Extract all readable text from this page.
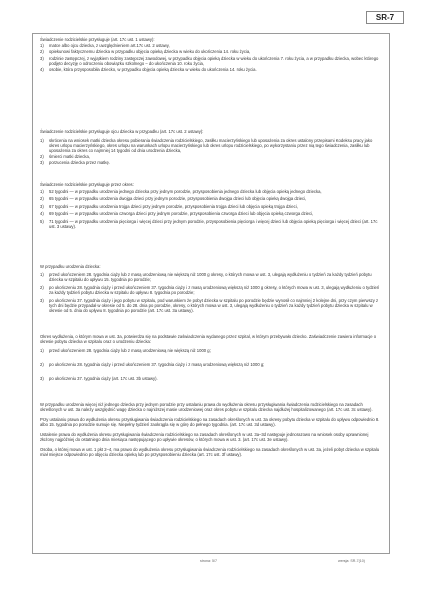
SR-7
Świadczenie rodzicielskie przysługuje (art. 17c ust. 1 ustawy):
1)	matce albo ojcu dziecka, z uwzględnieniem art.17c ust. 2 ustawy,
2)	opiekunowi faktycznemu dziecka w przypadku objęcia opieką dziecka w wieku do ukończenia 14. roku życia,
3)	rodzinie zastępczej, z wyjątkiem rodziny zastępczej zawodowej, w przypadku objęcia opieką dziecka w wieku do ukończenia 7. roku życia, a w przypadku dziecka, wobec którego podjęto decyzję o odroczeniu obowiązku szkolnego – do ukończenia 10. roku życia,
4)	osobie, która przysposobiła dziecko, w przypadku objęcia opieką dziecka w wieku do ukończenia 14. roku życia.
Świadczenie rodzicielskie przysługuje ojcu dziecka w przypadku (art. 17c ust. 2 ustawy):
1)	skrócenia na wniosek matki dziecka okresu pobierania świadczenia rodzicielskiego, zasiłku macierzyńskiego lub uposażenia za okres ustalony przepisami Kodeksu pracy jako okres urlopu macierzyńskiego, okres urlopu na warunkach urlopu macierzyńskiego lub okres urlopu rodzicielskiego, po wykorzystaniu przez nią tego świadczenia, zasiłku lub uposażenia za okres co najmniej 14 tygodni od dnia urodzenia dziecka,
2)	śmierci matki dziecka,
3)	porzucenia dziecka przez matkę.
Świadczenie rodzicielskie przysługuje przez okres:
1)	52 tygodni — w przypadku urodzenia jednego dziecka przy jednym porodzie, przysposobienia jednego dziecka lub objęcia opieką jednego dziecka,
2)	65 tygodni — w przypadku urodzenia dwojga dzieci przy jednym porodzie, przysposobienia dwojga dzieci lub objęcia opieką dwojga dzieci,
3)	67 tygodni — w przypadku urodzenia trojga dzieci przy jednym porodzie, przysposobienia trojga dzieci lub objęcia opieką trojga dzieci,
4)	69 tygodni — w przypadku urodzenia czworga dzieci przy jednym porodzie, przysposobienia czworga dzieci lub objęcia opieką czworga dzieci,
5)	71 tygodni — w przypadku urodzenia pięciorga i więcej dzieci przy jednym porodzie, przysposobienia pięciorga i więcej dzieci lub objęcia opieką pięciorga i więcej dzieci (art. 17c ust. 3 ustawy).
W przypadku urodzenia dziecka:
1)	przed ukończeniem 28. tygodnia ciąży lub z masą urodzeniową nie większą niż 1000 g okresy, o których mowa w ust. 3, ulegają wydłużeniu o tydzień za każdy tydzień pobytu dziecka w szpitalu do upływu 15. tygodnia po porodzie;
2)	po ukończeniu 28. tygodnia ciąży i przed ukończeniem 37. tygodnia ciąży i z masą urodzeniową większą niż 1000 g okresy, o których mowa w ust. 3, ulegają wydłużeniu o tydzień za każdy tydzień pobytu dziecka w szpitalu do upływu 8. tygodnia po porodzie;
3)	po ukończeniu 37. tygodnia ciąży i jego pobytu w szpitalu, pod warunkiem że pobyt dziecka w szpitalu po porodzie będzie wynosił co najmniej 2 kolejne dni, przy czym pierwszy z tych dni będzie przypadał w okresie od 5. do 28. dnia po porodzie, okresy, o których mowa w ust. 3, ulegają wydłużeniu o tydzień za każdy tydzień pobytu dziecka w szpitalu w okresie od 5. dnia do upływu 8. tygodnia po porodzie (art. 17c ust. 3a ustawy).
Okres wydłużenia, o którym mowa w ust. 3a, potwierdza się na podstawie zaświadczenia wydanego przez szpital, w którym przebywało dziecko. Zaświadczenie zawiera informacje o okresie pobytu dziecka w szpitalu oraz o urodzeniu dziecka:
1)	przed ukończeniem 28. tygodnia ciąży lub z masą urodzeniową nie większą niż 1000 g;
2)	po ukończeniu 28. tygodnia ciąży i przed ukończeniem 37. tygodnia ciąży i z masą urodzeniową większą niż 1000 g;
3)	po ukończeniu 37. tygodnia ciąży (art. 17c ust. 3b ustawy).
W przypadku urodzenia więcej niż jednego dziecka przy jednym porodzie przy ustalaniu prawa do wydłużenia okresu przysługiwania świadczenia rodzicielskiego na zasadach określonych w ust. 3a należy uwzględnić wagę dziecka o najniższej masie urodzeniowej oraz okres pobytu w szpitalu dziecka najdłużej hospitalizowanego (art. 17c ust. 3c ustawy).
Przy ustalaniu prawa do wydłużenia okresu przysługiwania świadczenia rodzicielskiego na zasadach określonych w ust. 3a okresy pobytu dziecka w szpitalu do upływu odpowiednio 8. albo 15. tygodnia po porodzie sumuje się. Niepełny tydzień zaokrągla się w górę do pełnego tygodnia. (art. 17c ust. 3d ustawy).
Ustalenie prawa do wydłużenia okresu przysługiwania świadczenia rodzicielskiego na zasadach określonych w ust. 3a–3d następuje jednorazowo na wniosek osoby uprawnionej złożony najpóźniej do ostatniego dnia miesiąca następującego po upływie okresów, o których mowa w ust. 3. (art. 17c ust. 3e ustawy).
Osoba, o której mowa w ust. 1 pkt 2–4, ma prawo do wydłużenia okresu przysługiwania świadczenia rodzicielskiego na zasadach określonych w ust. 3a, jeżeli pobyt dziecka w szpitalu miał miejsce odpowiednio po objęciu dziecka opieką lub po przysposobieniu dziecka (art. 17c ust. 3f ustawy).
strona: 5/7	wersja: SR-7(10)
